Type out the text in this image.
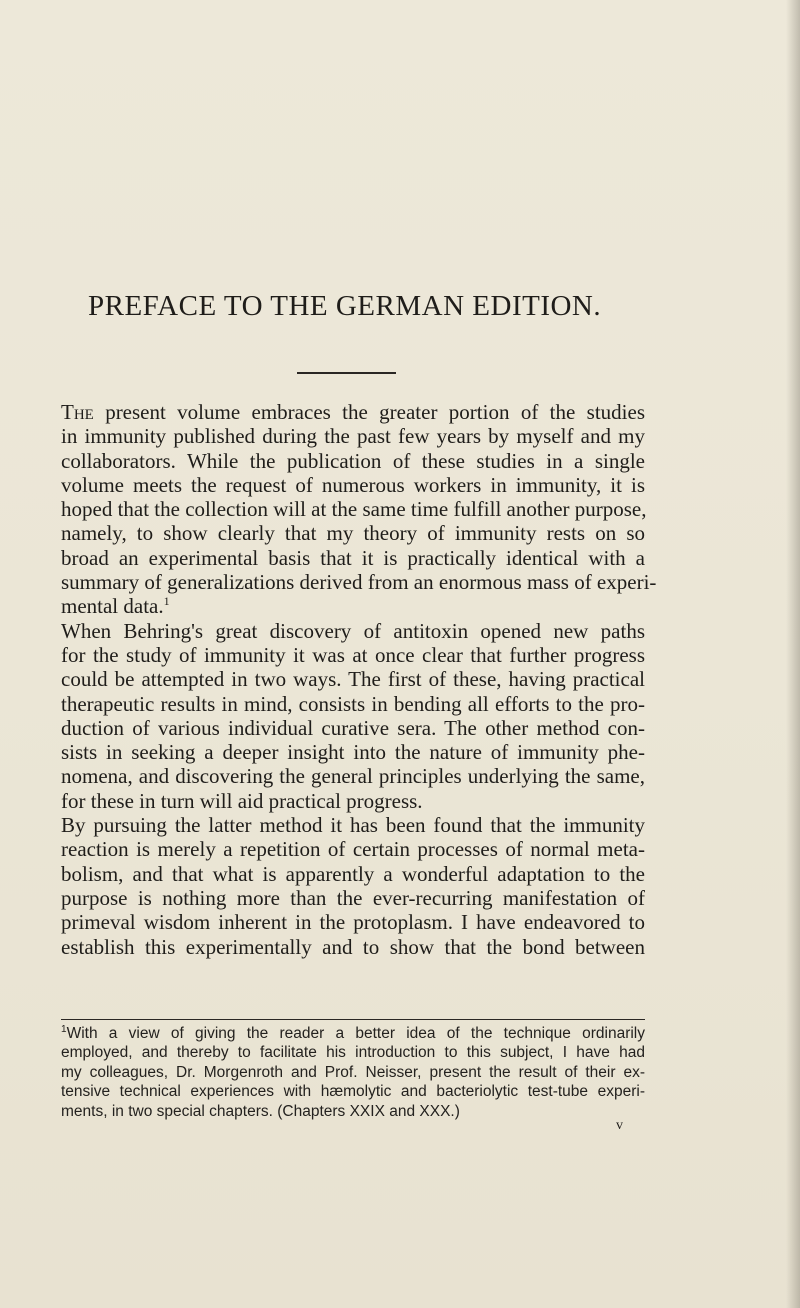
PREFACE TO THE GERMAN EDITION.
The present volume embraces the greater portion of the studies
in immunity published during the past few years by myself and my
collaborators. While the publication of these studies in a single
volume meets the request of numerous workers in immunity, it is
hoped that the collection will at the same time fulfill another purpose,
namely, to show clearly that my theory of immunity rests on so
broad an experimental basis that it is practically identical with a
summary of generalizations derived from an enormous mass of experi-
mental data.$^1$
When Behring's great discovery of antitoxin opened new paths
for the study of immunity it was at once clear that further progress
could be attempted in two ways. The first of these, having practical
therapeutic results in mind, consists in bending all efforts to the pro-
duction of various individual curative sera. The other method con-
sists in seeking a deeper insight into the nature of immunity phe-
nomena, and discovering the general principles underlying the same,
for these in turn will aid practical progress.
By pursuing the latter method it has been found that the immunity
reaction is merely a repetition of certain processes of normal meta-
bolism, and that what is apparently a wonderful adaptation to the
purpose is nothing more than the ever-recurring manifestation of
primeval wisdom inherent in the protoplasm. I have endeavored to
establish this experimentally and to show that the bond between
$^1$With a view of giving the reader a better idea of the technique ordinarily
employed, and thereby to facilitate his introduction to this subject, I have had
my colleagues, Dr. Morgenroth and Prof. Neisser, present the result of their ex-
tensive technical experiences with hæmolytic and bacteriolytic test-tube experi-
ments, in two special chapters. (Chapters XXIX and XXX.)
v
